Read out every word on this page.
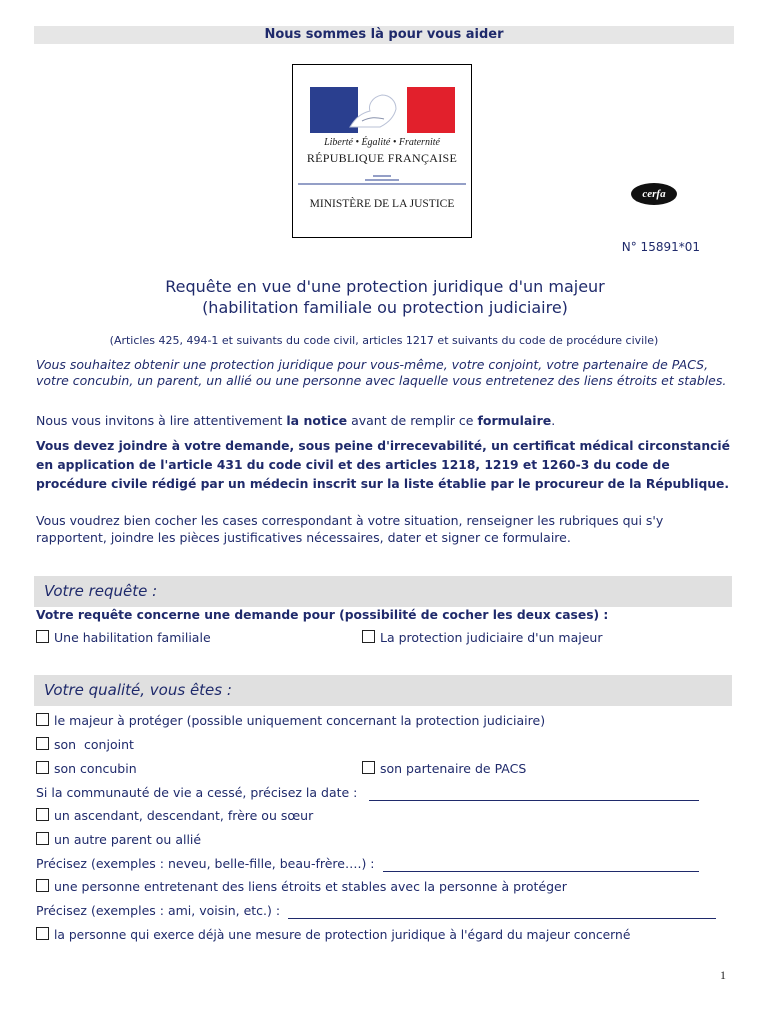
Nous sommes là pour vous aider
Liberté • Égalité • Fraternité
RÉPUBLIQUE FRANÇAISE
MINISTÈRE DE LA JUSTICE
cerfa
N° 15891*01
Requête en vue d'une protection juridique d'un majeur
(habilitation familiale ou protection judiciaire)
(Articles 425, 494-1 et suivants du code civil, articles 1217 et suivants du code de procédure civile)
Vous souhaitez obtenir une protection juridique pour vous-même, votre conjoint, votre partenaire de PACS, votre concubin, un parent, un allié ou une personne avec laquelle vous entretenez des liens étroits et stables.
Nous vous invitons à lire attentivement la notice avant de remplir ce formulaire.
Vous devez joindre à votre demande, sous peine d'irrecevabilité, un certificat médical circonstancié en application de l'article 431 du code civil et des articles 1218, 1219 et 1260-3 du code de procédure civile rédigé par un médecin inscrit sur la liste établie par le procureur de la République.
Vous voudrez bien cocher les cases correspondant à votre situation, renseigner les rubriques qui s'y rapportent, joindre les pièces justificatives nécessaires, dater et signer ce formulaire.
Votre requête :
Votre requête concerne une demande pour (possibilité de cocher les deux cases) :
Une habilitation familiale	La protection judiciaire d'un majeur
Votre qualité, vous êtes :
le majeur à protéger (possible uniquement concernant la protection judiciaire)
son  conjoint
son concubin	son partenaire de PACS
Si la communauté de vie a cessé, précisez la date :
un ascendant, descendant, frère ou sœur
un autre parent ou allié
Précisez (exemples : neveu, belle-fille, beau-frère….) :
une personne entretenant des liens étroits et stables avec la personne à protéger
Précisez (exemples : ami, voisin, etc.) :
la personne qui exerce déjà une mesure de protection juridique à l'égard du majeur concerné
1
